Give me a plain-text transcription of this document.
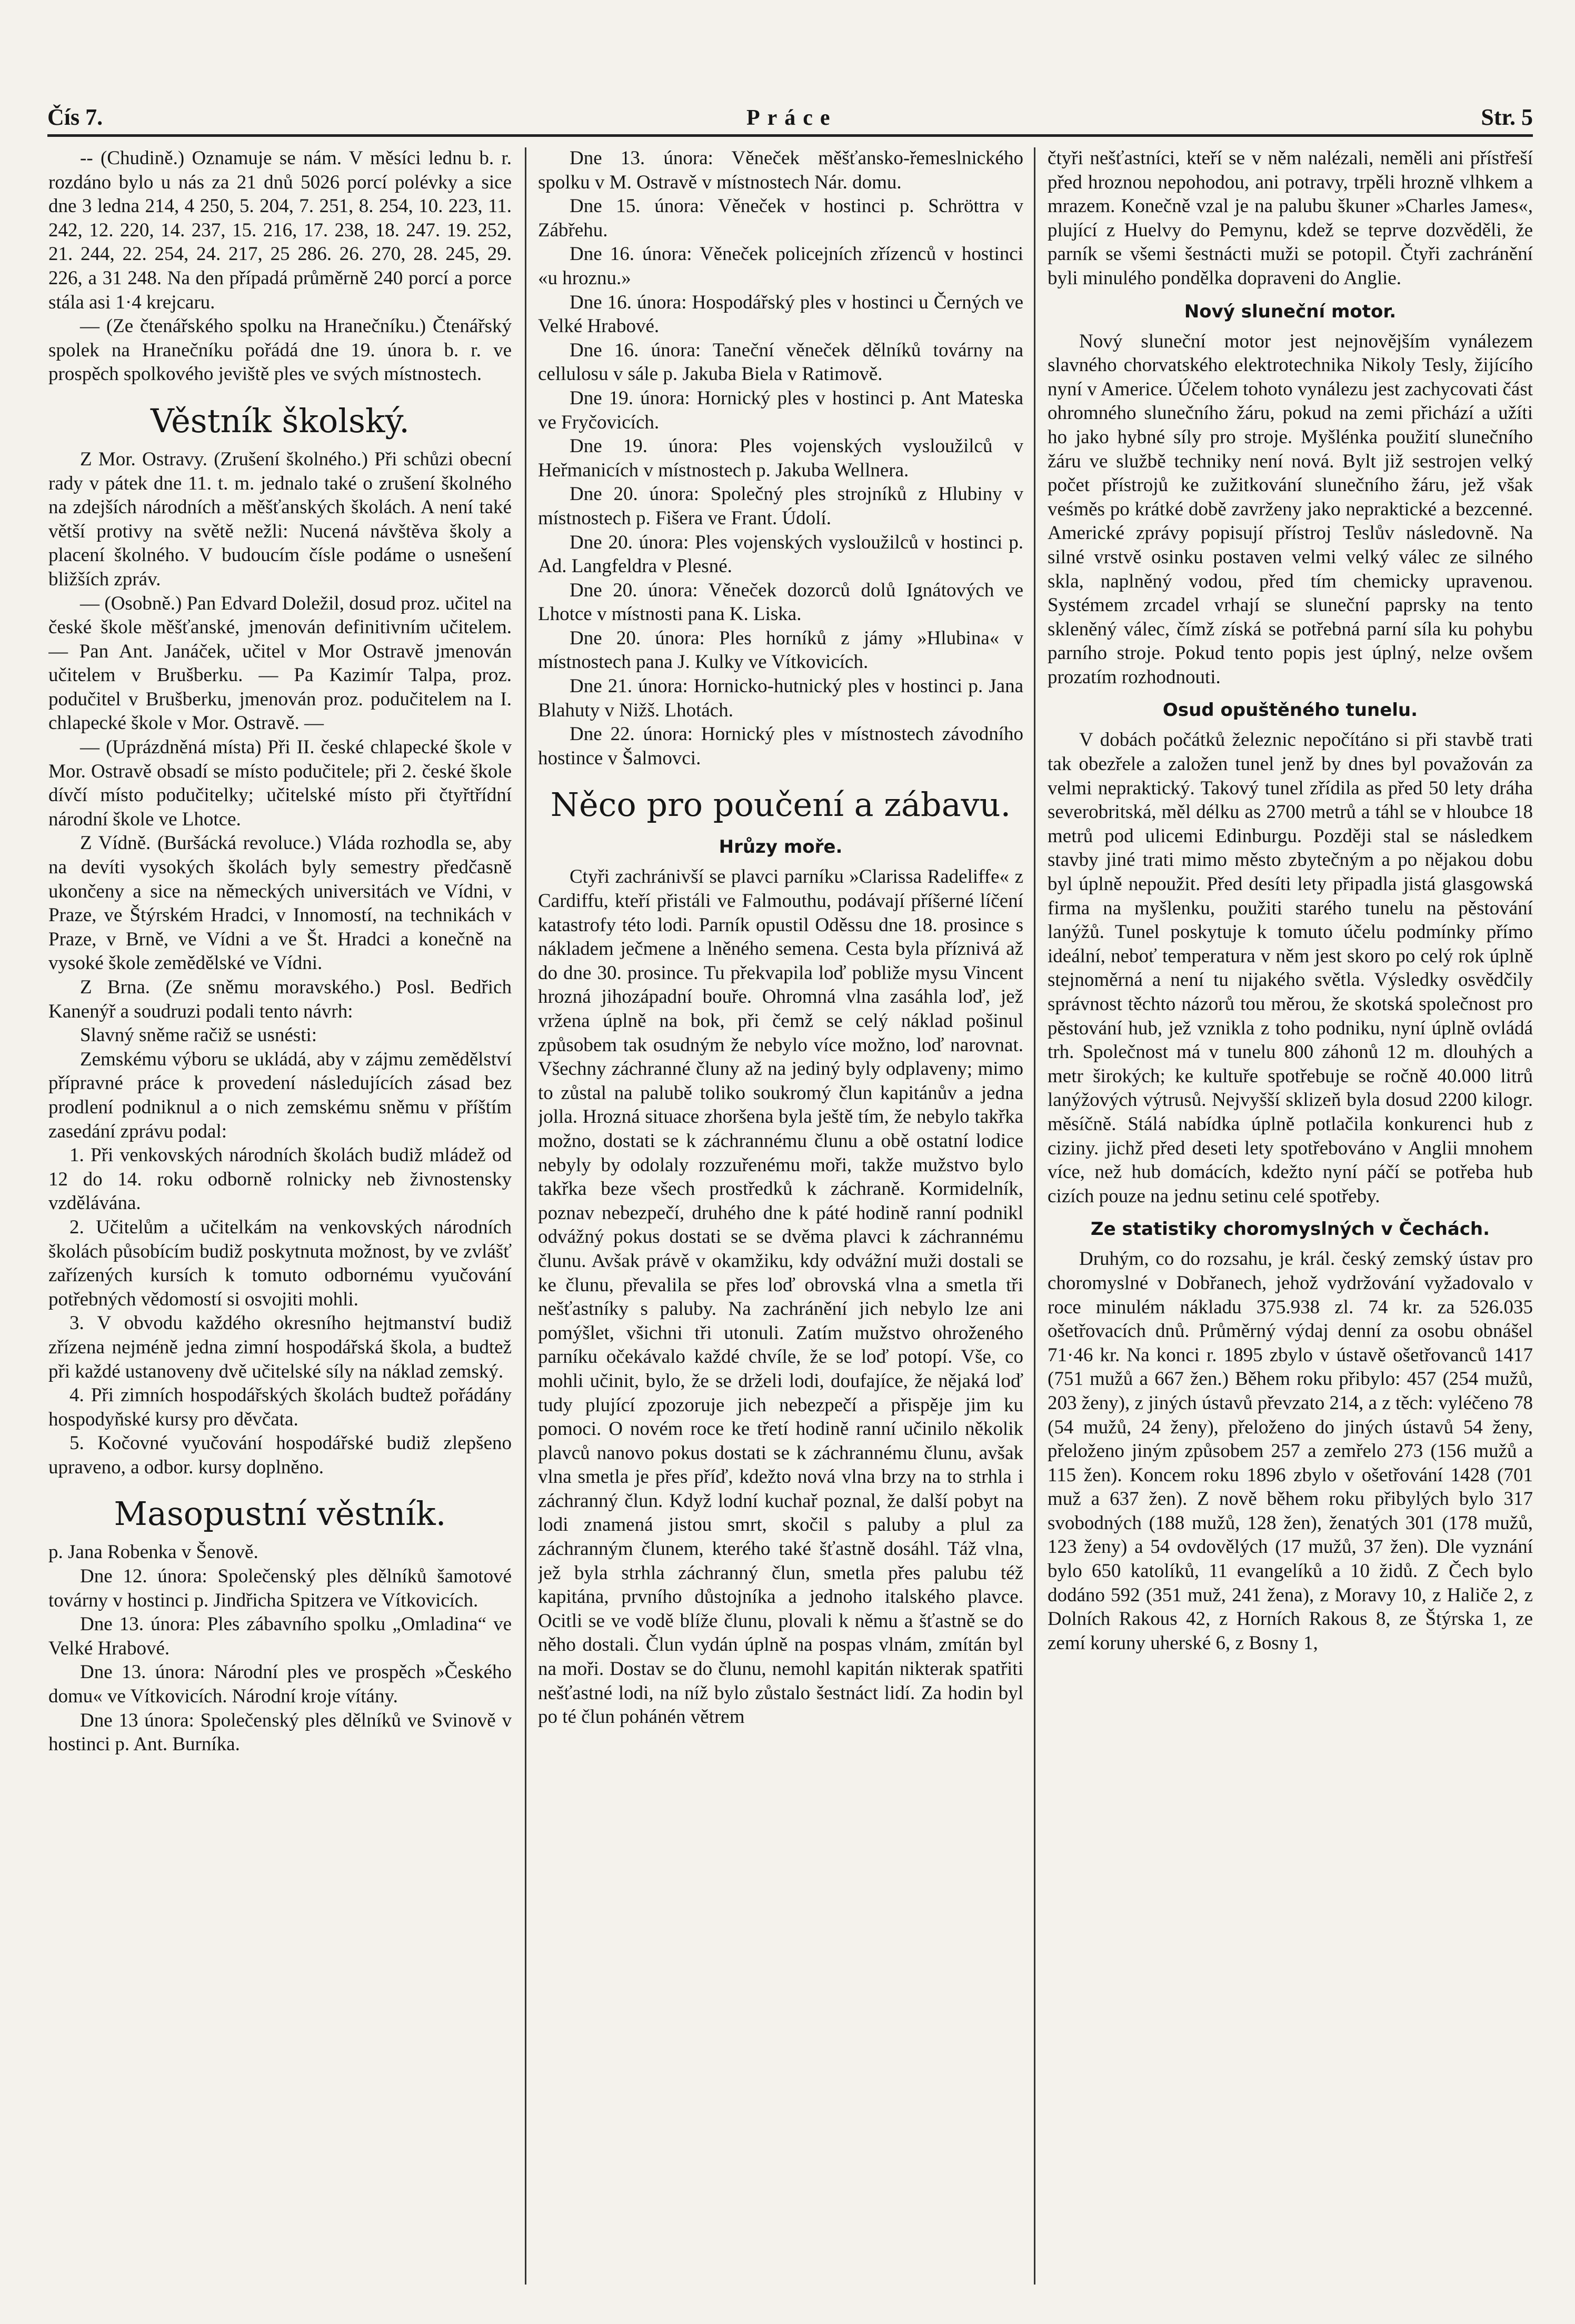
Čís 7.	Práce	Str. 5

-- (Chudině.) Oznamuje se nám. V měsíci lednu b. r. rozdáno bylo u nás za 21 dnů 5026 porcí polévky a sice dne 3 ledna 214, 4 250, 5. 204, 7. 251, 8. 254, 10. 223, 11. 242, 12. 220, 14. 237, 15. 216, 17. 238, 18. 247. 19. 252, 21. 244, 22. 254, 24. 217, 25 286. 26. 270, 28. 245, 29. 226, a 31 248. Na den případá průměrně 240 porcí a porce stála asi 1·4 krejcaru.

— (Ze čtenářského spolku na Hranečníku.) Čtenářský spolek na Hranečníku pořádá dne 19. února b. r. ve prospěch spolkového jeviště ples ve svých místnostech.

Věstník školský.

Z Mor. Ostravy. (Zrušení školného.) Při schůzi obecní rady v pátek dne 11. t. m. jednalo také o zrušení školného na zdejších národních a měšťanských školách. A není také větší protivy na světě nežli: Nucená návštěva školy a placení školného. V budoucím čísle podáme o usnešení bližších zpráv.

— (Osobně.) Pan Edvard Doležil, dosud proz. učitel na české škole měšťanské, jmenován definitivním učitelem. — Pan Ant. Janáček, učitel v Mor Ostravě jmenován učitelem v Brušberku. — Pa Kazimír Talpa, proz. podučitel v Brušberku, jmenován proz. podučitelem na I. chlapecké škole v Mor. Ostravě. —

— (Uprázdněná místa) Při II. české chlapecké škole v Mor. Ostravě obsadí se místo podučitele; při 2. české škole dívčí místo podučitelky; učitelské místo při čtyřtřídní národní škole ve Lhotce.

Z Vídně. (Buršácká revoluce.) Vláda rozhodla se, aby na devíti vysokých školách byly semestry předčasně ukončeny a sice na německých universitách ve Vídni, v Praze, ve Štýrském Hradci, v Innomostí, na technikách v Praze, v Brně, ve Vídni a ve Št. Hradci a konečně na vysoké škole zemědělské ve Vídni.

Z Brna. (Ze sněmu moravského.) Posl. Bedřich Kanenýř a soudruzi podali tento návrh:

Slavný sněme račiž se usnésti:

Zemskému výboru se ukládá, aby v zájmu zemědělství přípravné práce k provedení následujících zásad bez prodlení podniknul a o nich zemskému sněmu v příštím zasedání zprávu podal:

1. Při venkovských národních školách budiž mládež od 12 do 14. roku odborně rolnicky neb živnostensky vzdělávána.

2. Učitelům a učitelkám na venkovských národních školách působícím budiž poskytnuta možnost, by ve zvlášť zařízených kursích k tomuto odbornému vyučování potřebných vědomostí si osvojiti mohli.

3. V obvodu každého okresního hejtmanství budiž zřízena nejméně jedna zimní hospodářská škola, a budtež při každé ustanoveny dvě učitelské síly na náklad zemský.

4. Při zimních hospodářských školách budtež pořádány hospodyňské kursy pro děvčata.

5. Kočovné vyučování hospodářské budiž zlepšeno upraveno, a odbor. kursy doplněno.

Masopustní věstník.

p. Jana Robenka v Šenově.

Dne 12. února: Společenský ples dělníků šamotové továrny v hostinci p. Jindřicha Spitzera ve Vítkovicích.

Dne 13. února: Ples zábavního spolku „Omladina“ ve Velké Hrabové.

Dne 13. února: Národní ples ve prospěch »Českého domu« ve Vítkovicích. Národní kroje vítány.

Dne 13 února: Společenský ples dělníků ve Svinově v hostinci p. Ant. Burníka.

Dne 13. února: Věneček měšťansko-řemeslnického spolku v M. Ostravě v místnostech Nár. domu.

Dne 15. února: Věneček v hostinci p. Schröttra v Zábřehu.

Dne 16. února: Věneček policejních zřízenců v hostinci «u hroznu.»

Dne 16. února: Hospodářský ples v hostinci u Černých ve Velké Hrabové.

Dne 16. února: Taneční věneček dělníků továrny na cellulosu v sále p. Jakuba Biela v Ratimově.

Dne 19. února: Hornický ples v hostinci p. Ant Mateska ve Fryčovicích.

Dne 19. února: Ples vojenských vysloužilců v Heřmanicích v místnostech p. Jakuba Wellnera.

Dne 20. února: Společný ples strojníků z Hlubiny v místnostech p. Fišera ve Frant. Údolí.

Dne 20. února: Ples vojenských vysloužilců v hostinci p. Ad. Langfeldra v Plesné.

Dne 20. února: Věneček dozorců dolů Ignátových ve Lhotce v místnosti pana K. Liska.

Dne 20. února: Ples horníků z jámy »Hlubina« v místnostech pana J. Kulky ve Vítkovicích.

Dne 21. února: Hornicko-hutnický ples v hostinci p. Jana Blahuty v Nižš. Lhotách.

Dne 22. února: Hornický ples v místnostech závodního hostince v Šalmovci.

Něco pro poučení a zábavu.
Hrůzy moře.

Ctyři zachránivší se plavci parníku »Clarissa Radeliffe« z Cardiffu, kteří přistáli ve Falmouthu, podávají příšerné líčení katastrofy této lodi. Parník opustil Oděssu dne 18. prosince s nákladem ječmene a lněného semena. Cesta byla příznivá až do dne 30. prosince. Tu překvapila loď pobliže mysu Vincent hrozná jihozápadní bouře. Ohromná vlna zasáhla loď, jež vržena úplně na bok, při čemž se celý náklad pošinul způsobem tak osudným že nebylo více možno, loď narovnat. Všechny záchranné čluny až na jediný byly odplaveny; mimo to zůstal na palubě toliko soukromý člun kapitánův a jedna jolla. Hrozná situace zhoršena byla ještě tím, že nebylo takřka možno, dostati se k záchrannému člunu a obě ostatní lodice nebyly by odolaly rozzuřenému moři, takže mužstvo bylo takřka beze všech prostředků k záchraně. Kormidelník, poznav nebezpečí, druhého dne k páté hodině ranní podnikl odvážný pokus dostati se se dvěma plavci k záchrannému člunu. Avšak právě v okamžiku, kdy odvážní muži dostali se ke člunu, převalila se přes loď obrovská vlna a smetla tři nešťastníky s paluby. Na zachránění jich nebylo lze ani pomýšlet, všichni tři utonuli. Zatím mužstvo ohroženého parníku očekávalo každé chvíle, že se loď potopí. Vše, co mohli učinit, bylo, že se drželi lodi, doufajíce, že nějaká loď tudy plující zpozoruje jich nebezpečí a přispěje jim ku pomoci. O novém roce ke třetí hodině ranní učinilo několik plavců nanovo pokus dostati se k záchrannému člunu, avšak vlna smetla je přes příď, kdežto nová vlna brzy na to strhla i záchranný člun. Když lodní kuchař poznal, že další pobyt na lodi znamená jistou smrt, skočil s paluby a plul za záchranným člunem, kterého také šťastně dosáhl. Táž vlna, jež byla strhla záchranný člun, smetla přes palubu též kapitána, prvního důstojníka a jednoho italského plavce. Ocitli se ve vodě blíže člunu, plovali k němu a šťastně se do něho dostali. Člun vydán úplně na pospas vlnám, zmítán byl na moři. Dostav se do člunu, nemohl kapitán nikterak spatřiti nešťastné lodi, na níž bylo zůstalo šestnáct lidí. Za hodin byl po té člun pohánén větrem

čtyři nešťastníci, kteří se v něm nalézali, neměli ani přístřeší před hroznou nepohodou, ani potravy, trpěli hrozně vlhkem a mrazem. Konečně vzal je na palubu škuner »Charles James«, plující z Huelvy do Pemynu, kdež se teprve dozvěděli, že parník se všemi šestnácti muži se potopil. Čtyři zachránění byli minulého pondělka dopraveni do Anglie.

Nový sluneční motor.

Nový sluneční motor jest nejnovějším vynálezem slavného chorvatského elektrotechnika Nikoly Tesly, žijícího nyní v Americe. Účelem tohoto vynálezu jest zachycovati část ohromného slunečního žáru, pokud na zemi přichází a užíti ho jako hybné síly pro stroje. Myšlénka použití slunečního žáru ve službě techniky není nová. Bylt již sestrojen velký počet přístrojů ke zužitkování slunečního žáru, jež však veśměs po krátké době zavrženy jako nepraktické a bezcenné. Americké zprávy popisují přístroj Teslův následovně. Na silné vrstvě osinku postaven velmi velký válec ze silného skla, naplněný vodou, před tím chemicky upravenou. Systémem zrcadel vrhají se sluneční paprsky na tento skleněný válec, čímž získá se potřebná parní síla ku pohybu parního stroje. Pokud tento popis jest úplný, nelze ovšem prozatím rozhodnouti.

Osud opuštěného tunelu.

V dobách počátků železnic nepočítáno si při stavbě trati tak obezřele a založen tunel jenž by dnes byl považován za velmi nepraktický. Takový tunel zřídila as před 50 lety dráha severobritská, měl délku as 2700 metrů a táhl se v hloubce 18 metrů pod ulicemi Edinburgu. Později stal se následkem stavby jiné trati mimo město zbytečným a po nějakou dobu byl úplně nepoužit. Před desíti lety připadla jistá glasgowská firma na myšlenku, použiti starého tunelu na pěstování lanýžů. Tunel poskytuje k tomuto účelu podmínky přímo ideální, neboť temperatura v něm jest skoro po celý rok úplně stejnoměrná a není tu nijakého světla. Výsledky osvědčily správnost těchto názorů tou měrou, že skotská společnost pro pěstování hub, jež vznikla z toho podniku, nyní úplně ovládá trh. Společnost má v tunelu 800 záhonů 12 m. dlouhých a metr širokých; ke kultuře spotřebuje se ročně 40.000 litrů lanýžových výtrusů. Nejvyšší sklizeň byla dosud 2200 kilogr. měsíčně. Stálá nabídka úplně potlačila konkurenci hub z ciziny. jichž před deseti lety spotřebováno v Anglii mnohem více, než hub domácích, kdežto nyní páčí se potřeba hub cizích pouze na jednu setinu celé spotřeby.

Ze statistiky choromyslných v Čechách.

Druhým, co do rozsahu, je král. český zemský ústav pro choromyslné v Dobřanech, jehož vydržování vyžadovalo v roce minulém nákladu 375.938 zl. 74 kr. za 526.035 ošetřovacích dnů. Průměrný výdaj denní za osobu obnášel 71·46 kr. Na konci r. 1895 zbylo v ústavě ošetřovanců 1417 (751 mužů a 667 žen.) Během roku přibylo: 457 (254 mužů, 203 ženy), z jiných ústavů převzato 214, a z těch: vyléčeno 78 (54 mužů, 24 ženy), přeloženo do jiných ústavů 54 ženy, přeloženo jiným způsobem 257 a zemřelo 273 (156 mužů a 115 žen). Koncem roku 1896 zbylo v ošetřování 1428 (701 muž a 637 žen). Z nově během roku přibylých bylo 317 svobodných (188 mužů, 128 žen), ženatých 301 (178 mužů, 123 ženy) a 54 ovdovělých (17 mužů, 37 žen). Dle vyznání bylo 650 katolíků, 11 evangelíků a 10 židů. Z Čech bylo dodáno 592 (351 muž, 241 žena), z Moravy 10, z Haliče 2, z Dolních Rakous 42, z Horních Rakous 8, ze Štýrska 1, ze zemí koruny uherské 6, z Bosny 1,
